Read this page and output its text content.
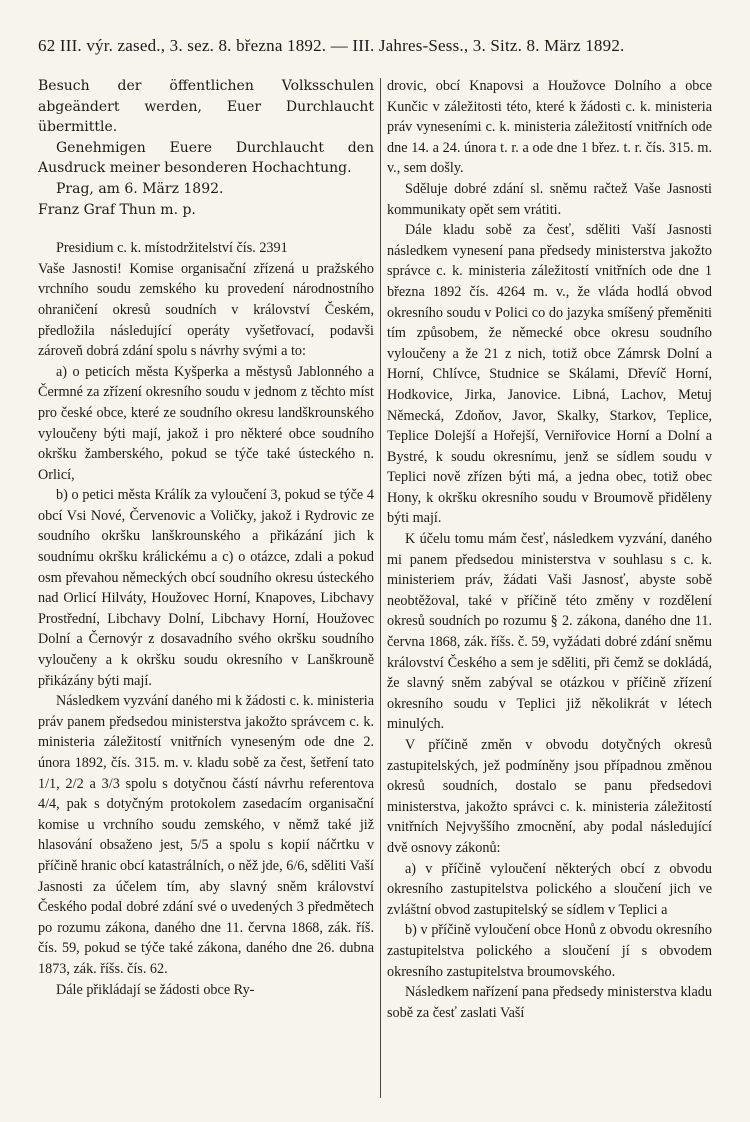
62 III. výr. zased., 3. sez. 8. března 1892. — III. Jahres-Sess., 3. Sitz. 8. März 1892.

Besuch der öffentlichen Volksschulen abgeändert werden, Euer Durchlaucht übermittle.

Genehmigen Euere Durchlaucht den Ausdruck meiner besonderen Hochachtung.

Prag, am 6. März 1892.

Franz Graf Thun m. p.

Presidium c. k. místodržitelství čís. 2391

Vaše Jasnosti! Komise organisační zřízená u pražského vrchního soudu zemského ku provedení národnostního ohraničení okresů soudních v království Českém, předložila následující operáty vyšetřovací, podavši zároveň dobrá zdání spolu s návrhy svými a to:

a) o peticích města Kyšperka a městysů Jablonného a Čermné za zřízení okresního soudu v jednom z těchto míst pro české obce, které ze soudního okresu landškrounského vyloučeny býti mají, jakož i pro některé obce soudního okršku žamberského, pokud se týče také ústeckého n. Orlicí,

b) o petici města Králík za vyloučení 3, pokud se týče 4 obcí Vsi Nové, Červenovic a Voličky, jakož i Rydrovic ze soudního okršku lanškrounského a přikázání jich k soudnímu okršku králickému a c) o otázce, zdali a pokud osm převahou německých obcí soudního okresu ústeckého nad Orlicí Hilváty, Houžovec Horní, Knapoves, Libchavy Prostřední, Libchavy Dolní, Libchavy Horní, Houžovec Dolní a Černovýr z dosavadního svého okršku soudního vyloučeny a k okršku soudu okresního v Lanškrouně přikázány býti mají.

Následkem vyzvání daného mi k žádosti c. k. ministeria práv panem předsedou ministerstva jakožto správcem c. k. ministeria záležitostí vnitřních vyneseným ode dne 2. února 1892, čís. 315. m. v. kladu sobě za čest, šetření tato 1/1, 2/2 a 3/3 spolu s dotyčnou částí návrhu referentova 4/4, pak s dotyčným protokolem zasedacím organisační komise u vrchního soudu zemského, v němž také již hlasování obsaženo jest, 5/5 a spolu s kopií náčrtku v příčině hranic obcí katastrálních, o něž jde, 6/6, sděliti Vaší Jasnosti za účelem tím, aby slavný sněm království Českého podal dobré zdání své o uvedených 3 předmětech po rozumu zákona, daného dne 11. června 1868, zák. říš. čís. 59, pokud se týče také zákona, daného dne 26. dubna 1873, zák. říšs. čís. 62.

Dále přikládají se žádosti obce Ry-

drovic, obcí Knapovsi a Houžovce Dolního a obce Kunčic v záležitosti této, které k žádosti c. k. ministeria práv vyneseními c. k. ministeria záležitostí vnitřních ode dne 14. a 24. února t. r. a ode dne 1 břez. t. r. čís. 315. m. v., sem došly.

Sděluje dobré zdání sl. sněmu račtež Vaše Jasnosti kommunikaty opět sem vrátiti.

Dále kladu sobě za česť, sděliti Vaší Jasnosti následkem vynesení pana předsedy ministerstva jakožto správce c. k. ministeria záležitostí vnitřních ode dne 1 března 1892 čís. 4264 m. v., že vláda hodlá obvod okresního soudu v Polici co do jazyka smíšený přeměniti tím způsobem, že německé obce okresu soudního vyloučeny a že 21 z nich, totiž obce Zámrsk Dolní a Horní, Chlívce, Studnice se Skálami, Dřevíč Horní, Hodkovice, Jirka, Janovice. Libná, Lachov, Metuj Německá, Zdoňov, Javor, Skalky, Starkov, Teplice, Teplice Dolejší a Hořejší, Verniřovice Horní a Dolní a Bystré, k soudu okresnímu, jenž se sídlem soudu v Teplici nově zřízen býti má, a jedna obec, totiž obec Hony, k okršku okresního soudu v Broumově přiděleny býti mají.

K účelu tomu mám česť, následkem vyzvání, daného mi panem předsedou ministerstva v souhlasu s c. k. ministeriem práv, žádati Vaši Jasnosť, abyste sobě neobtěžoval, také v příčině této změny v rozdělení okresů soudních po rozumu § 2. zákona, daného dne 11. června 1868, zák. říšs. č. 59, vyžádati dobré zdání sněmu království Českého a sem je sděliti, při čemž se dokládá, že slavný sněm zabýval se otázkou v příčině zřízení okresního soudu v Teplici již několikrát v létech minulých.

V příčině změn v obvodu dotyčných okresů zastupitelských, jež podmíněny jsou případnou změnou okresů soudních, dostalo se panu předsedovi ministerstva, jakožto správci c. k. ministeria záležitostí vnitřních Nejvyššího zmocnění, aby podal následující dvě osnovy zákonů:

a) v příčině vyloučení některých obcí z obvodu okresního zastupitelstva polického a sloučení jich ve zvláštní obvod zastupitelský se sídlem v Teplici a

b) v příčině vyloučení obce Honů z obvodu okresního zastupitelstva polického a sloučení jí s obvodem okresního zastupitelstva broumovského.

Následkem nařízení pana předsedy ministerstva kladu sobě za česť zaslati Vaší
